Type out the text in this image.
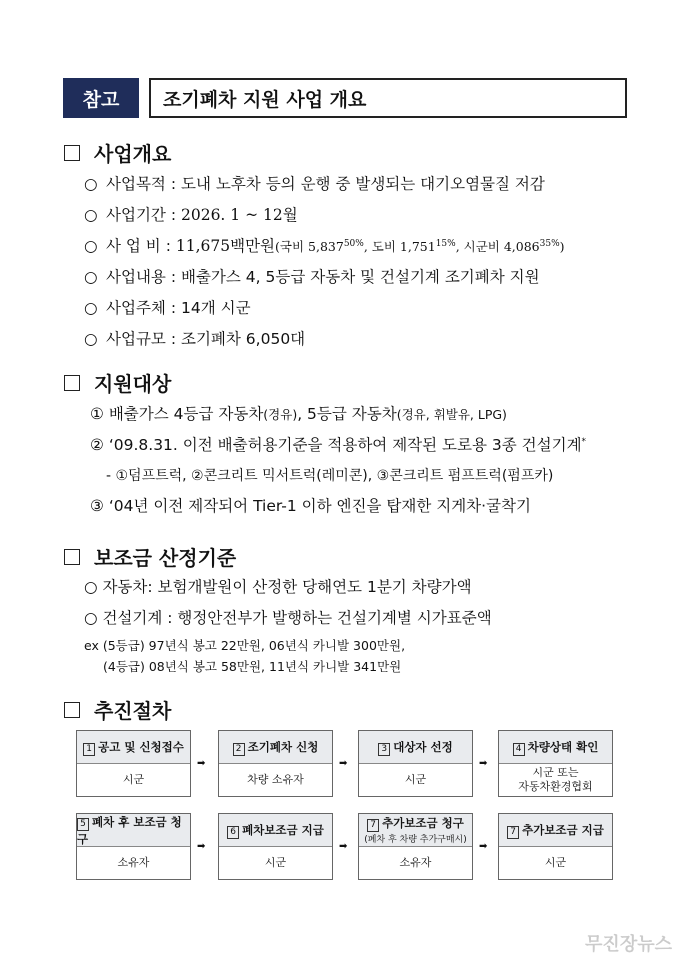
참고	조기폐차 지원 사업 개요
사업개요
○ 사업목적 : 도내 노후차 등의 운행 중 발생되는 대기오염물질 저감
○ 사업기간 : 2026. 1 ~ 12월
○ 사 업 비 : 11,675백만원(국비 $5,837^{50\%}$, 도비 $1,751^{15\%}$, 시군비 $4,086^{35\%}$)
○ 사업내용 : 배출가스 4, 5등급 자동차 및 건설기계 조기폐차 지원
○ 사업주체 : 14개 시군
○ 사업규모 : 조기폐차 6,050대
지원대상
① 배출가스 4등급 자동차(경유), 5등급 자동차(경유, 휘발유, LPG)
② ‘09.8.31. 이전 배출허용기준을 적용하여 제작된 도로용 3종 건설기계*
- ①덤프트럭, ②콘크리트 믹서트럭(레미콘), ③콘크리트 펌프트럭(펌프카)
③ ‘04년 이전 제작되어 Tier-1 이하 엔진을 탑재한 지게차·굴착기
보조금 산정기준
○ 자동차: 보험개발원이 산정한 당해연도 1분기 차량가액
○ 건설기계 : 행정안전부가 발행하는 건설기계별 시가표준액
ex (5등급) 97년식 봉고 22만원, 06년식 카니발 300만원,
(4등급) 08년식 봉고 58만원, 11년식 카니발 341만원
추진절차
1 공고 및 신청접수
시군
➡
2 조기폐차 신청
차량 소유자
➡
3 대상자 선정
시군
➡
4 차량상태 확인
시군 또는
자동차환경협회
5 폐차 후 보조금 청구
소유자
➡
6 폐차보조금 지급
시군
➡
7 추가보조금 청구
(폐차 후 차량 추가구매시)
소유자
➡
7 추가보조금 지급
시군
무진장뉴스
